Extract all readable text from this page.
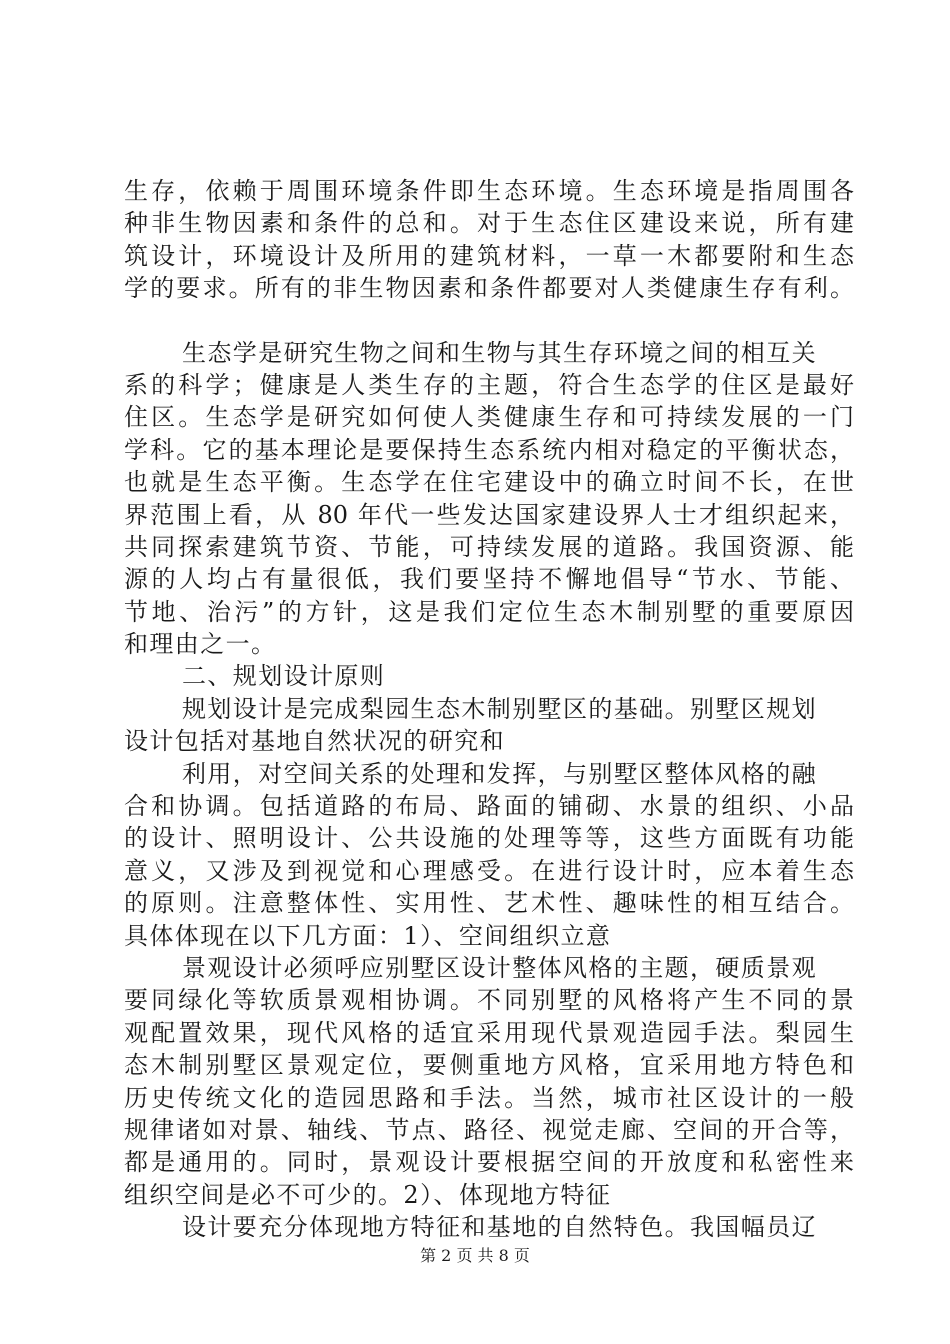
生存，依赖于周围环境条件即生态环境。生态环境是指周围各
种非生物因素和条件的总和。对于生态住区建设来说，所有建
筑设计，环境设计及所用的建筑材料，一草一木都要附和生态
学的要求。所有的非生物因素和条件都要对人类健康生存有利。
生态学是研究生物之间和生物与其生存环境之间的相互关
系的科学；健康是人类生存的主题，符合生态学的住区是最好
住区。生态学是研究如何使人类健康生存和可持续发展的一门
学科。它的基本理论是要保持生态系统内相对稳定的平衡状态，
也就是生态平衡。生态学在住宅建设中的确立时间不长，在世
界范围上看，从 80 年代一些发达国家建设界人士才组织起来，
共同探索建筑节资、节能，可持续发展的道路。我国资源、能
源的人均占有量很低，我们要坚持不懈地倡导“节水、节能、
节地、治污”的方针，这是我们定位生态木制别墅的重要原因
和理由之一。
二、规划设计原则
规划设计是完成梨园生态木制别墅区的基础。别墅区规划
设计包括对基地自然状况的研究和
利用，对空间关系的处理和发挥，与别墅区整体风格的融
合和协调。包括道路的布局、路面的铺砌、水景的组织、小品
的设计、照明设计、公共设施的处理等等，这些方面既有功能
意义，又涉及到视觉和心理感受。在进行设计时，应本着生态
的原则。注意整体性、实用性、艺术性、趣味性的相互结合。
具体体现在以下几方面：1）、空间组织立意
景观设计必须呼应别墅区设计整体风格的主题，硬质景观
要同绿化等软质景观相协调。不同别墅的风格将产生不同的景
观配置效果，现代风格的适宜采用现代景观造园手法。梨园生
态木制别墅区景观定位，要侧重地方风格，宜采用地方特色和
历史传统文化的造园思路和手法。当然，城市社区设计的一般
规律诸如对景、轴线、节点、路径、视觉走廊、空间的开合等，
都是通用的。同时，景观设计要根据空间的开放度和私密性来
组织空间是必不可少的。2）、体现地方特征
设计要充分体现地方特征和基地的自然特色。我国幅员辽
第 2 页 共 8 页
